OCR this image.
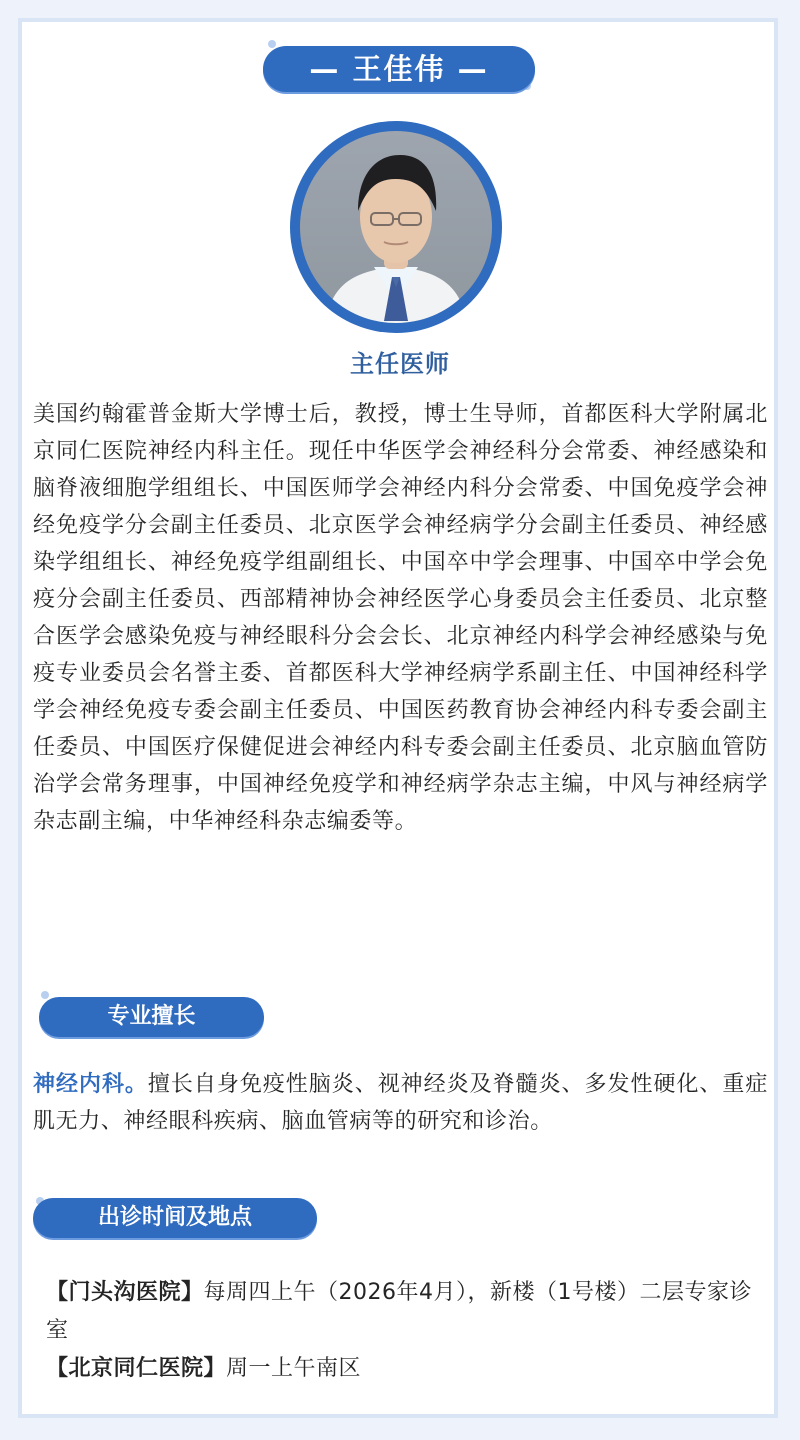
— 王佳伟 —
主任医师
美国约翰霍普金斯大学博士后，教授，博士生导师，首都医科大学附属北京同仁医院神经内科主任。现任中华医学会神经科分会常委、神经感染和脑脊液细胞学组组长、中国医师学会神经内科分会常委、中国免疫学会神经免疫学分会副主任委员、北京医学会神经病学分会副主任委员、神经感染学组组长、神经免疫学组副组长、中国卒中学会理事、中国卒中学会免疫分会副主任委员、西部精神协会神经医学心身委员会主任委员、北京整合医学会感染免疫与神经眼科分会会长、北京神经内科学会神经感染与免疫专业委员会名誉主委、首都医科大学神经病学系副主任、中国神经科学学会神经免疫专委会副主任委员、中国医药教育协会神经内科专委会副主任委员、中国医疗保健促进会神经内科专委会副主任委员、北京脑血管防治学会常务理事，中国神经免疫学和神经病学杂志主编，中风与神经病学杂志副主编，中华神经科杂志编委等。
专业擅长
神经内科。擅长自身免疫性脑炎、视神经炎及脊髓炎、多发性硬化、重症肌无力、神经眼科疾病、脑血管病等的研究和诊治。
出诊时间及地点
【门头沟医院】每周四上午（2026年4月），新楼（1号楼）二层专家诊室
【北京同仁医院】周一上午南区
